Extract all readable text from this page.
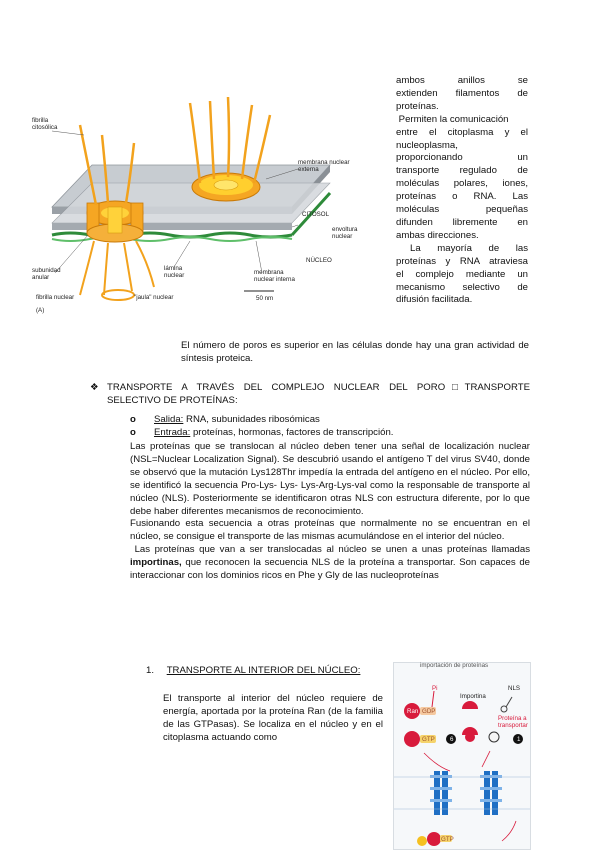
fibrilla citosólica
membrana nuclear externa
CITOSOL
envoltura nuclear
NÚCLEO
subunidad anular
lámina nuclear	membrana nuclear interna
fibrilla nuclear	"jaula" nuclear	50 nm
(A)
ambos anillos se
extienden filamentos de
proteínas.
Permiten la comunicación
entre el citoplasma y el
nucleoplasma,
proporcionando un
transporte regulado de
moléculas polares, iones,
proteínas o RNA. Las
moléculas pequeñas
difunden libremente en
ambas direcciones.
La mayoría de las
proteínas y RNA atraviesa
el complejo mediante un
mecanismo selectivo de
difusión facilitada.

El número de poros es superior en las células donde hay una gran actividad de síntesis proteica.

❖ TRANSPORTE A TRAVÉS DEL COMPLEJO NUCLEAR DEL PORO□TRANSPORTE
SELECTIVO DE PROTEÍNAS:
o Salida: RNA, subunidades ribosómicas
o Entrada: proteínas, hormonas, factores de transcripción.

Las proteínas que se translocan al núcleo deben tener una señal de localización nuclear (NSL=Nuclear Localization Signal). Se descubrió usando el antígeno T del virus SV40, donde se observó que la mutación Lys128Thr impedía la entrada del antígeno en el núcleo. Por ello, se identificó la secuencia Pro-Lys- Lys- Lys-Arg-Lys-val como la responsable de transporte al núcleo (NLS). Posteriormente se identificaron otras NLS con estructura diferente, por lo que debe haber diferentes mecanismos de reconocimiento.

Fusionando esta secuencia a otras proteínas que normalmente no se encuentran en el núcleo, se consigue el transporte de las mismas acumulándose en el interior del núcleo.

Las proteínas que van a ser translocadas al núcleo se unen a unas proteínas llamadas importinas, que reconocen la secuencia NLS de la proteína a transportar. Son capaces de interaccionar con los dominios ricos en Phe y Gly de las nucleoproteínas

1. TRANSPORTE AL INTERIOR DEL NÚCLEO:

El transporte al interior del núcleo requiere de energía, aportada por la proteína Ran (de la familia de las GTPasas). Se localiza en el núcleo y en el citoplasma actuando como

importación de proteínas
Pi
Ran GDP
Importina
NLS
Proteína a transportar
GTP	1
6
GTP
